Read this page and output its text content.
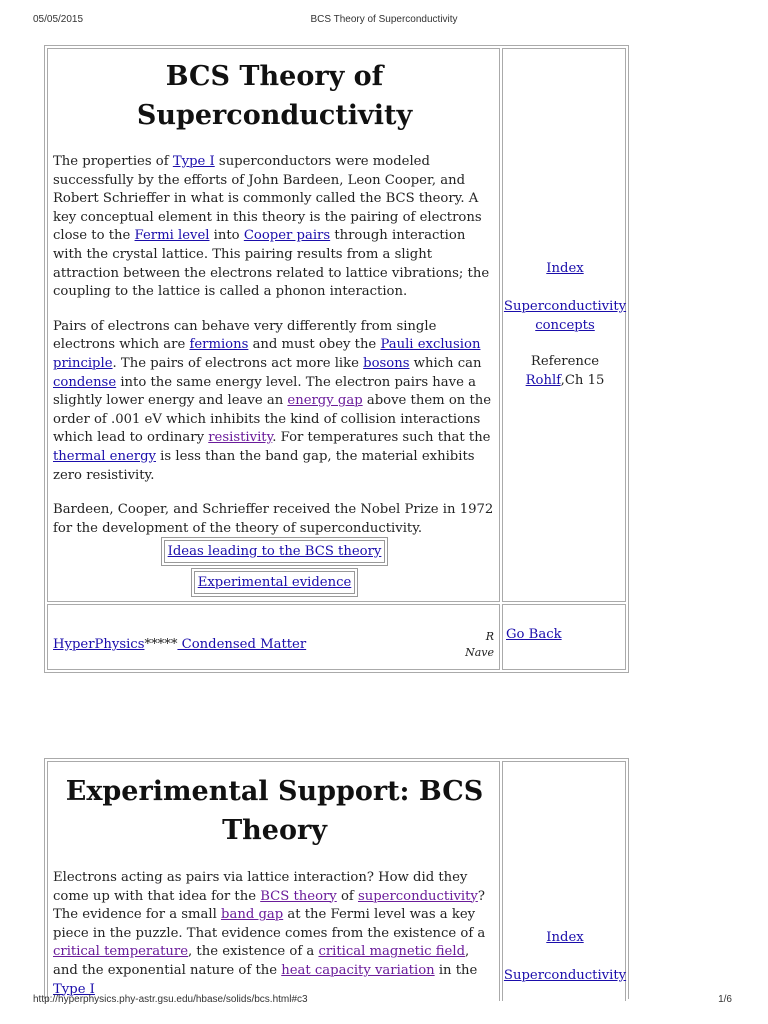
05/05/2015	BCS Theory of Superconductivity

BCS Theory of
Superconductivity

The properties of Type I superconductors were modeled successfully by the efforts of John Bardeen, Leon Cooper, and Robert Schrieffer in what is commonly called the BCS theory. A key conceptual element in this theory is the pairing of electrons close to the Fermi level into Cooper pairs through interaction with the crystal lattice. This pairing results from a slight attraction between the electrons related to lattice vibrations; the coupling to the lattice is called a phonon interaction.

Pairs of electrons can behave very differently from single electrons which are fermions and must obey the Pauli exclusion principle. The pairs of electrons act more like bosons which can condense into the same energy level. The electron pairs have a slightly lower energy and leave an energy gap above them on the order of .001 eV which inhibits the kind of collision interactions which lead to ordinary resistivity. For temperatures such that the thermal energy is less than the band gap, the material exhibits zero resistivity.

Bardeen, Cooper, and Schrieffer received the Nobel Prize in 1972 for the development of the theory of superconductivity.

Ideas leading to the BCS theory
Experimental evidence
Index
Superconductivity concepts
Reference
Rohlf,Ch 15
HyperPhysics***** Condensed Matter
R
Nave
Go Back

Experimental Support: BCS
Theory

Electrons acting as pairs via lattice interaction? How did they come up with that idea for the BCS theory of superconductivity? The evidence for a small band gap at the Fermi level was a key piece in the puzzle. That evidence comes from the existence of a critical temperature, the existence of a critical magnetic field, and the exponential nature of the heat capacity variation in the Type I

Index
Superconductivity
http://hyperphysics.phy-astr.gsu.edu/hbase/solids/bcs.html#c3	1/6
